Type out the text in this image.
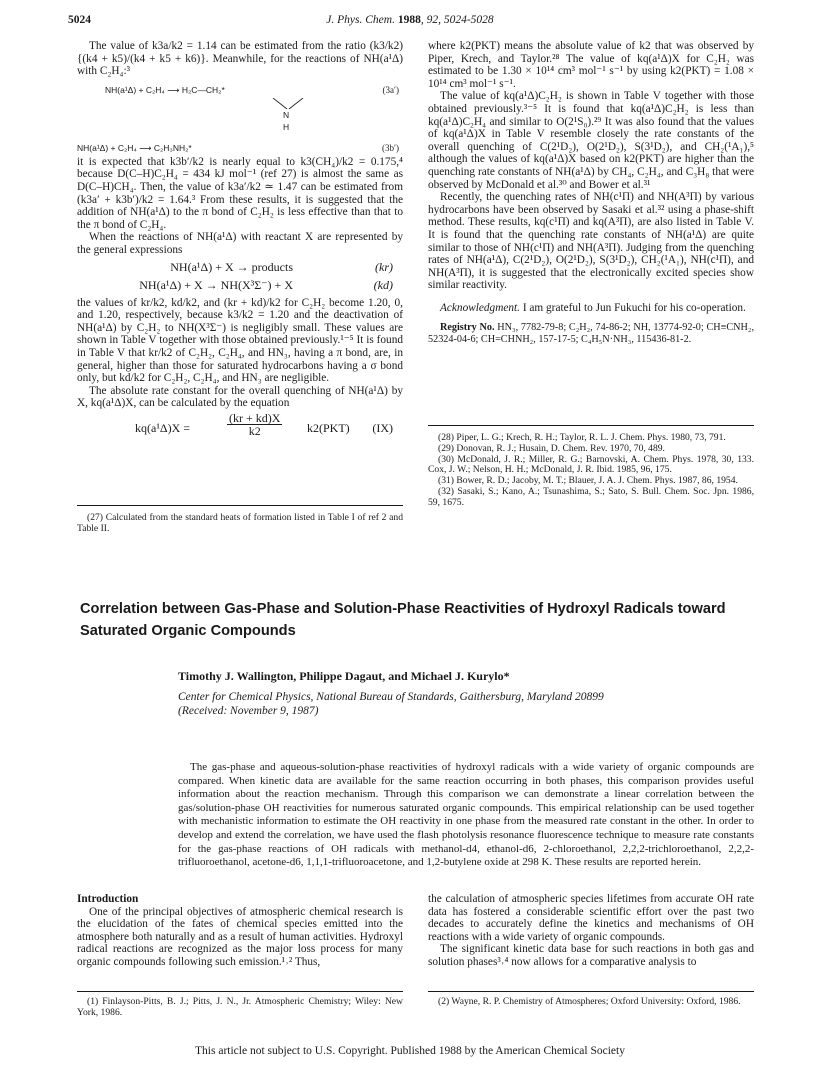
5024	J. Phys. Chem. 1988, 92, 5024-5028

The value of k3a/k2 = 1.14 can be estimated from the ratio (k3/k2){(k4 + k5)/(k4 + k5 + k6)}. Meanwhile, for the reactions of NH(a¹Δ) with C₂H₄:³

NH(a¹Δ) + C₂H₄ ⟶ H₂C—CH₂*	(3a′)
N
H
NH(a¹Δ) + C₂H₄ ⟶ C₂H₃NH₂*	(3b′)

it is expected that k3b′/k2 is nearly equal to k3(CH₄)/k2 = 0.175,⁴ because D(C–H)C₂H₄ = 434 kJ mol⁻¹ (ref 27) is almost the same as D(C–H)CH₄. Then, the value of k3a′/k2 ≃ 1.47 can be estimated from (k3a′ + k3b′)/k2 = 1.64.³ From these results, it is suggested that the addition of NH(a¹Δ) to the π bond of C₂H₂ is less effective than that to the π bond of C₂H₄.

When the reactions of NH(a¹Δ) with reactant X are represented by the general expressions

NH(a¹Δ) + X → products	(kr)
NH(a¹Δ) + X → NH(X³Σ⁻) + X	(kd)

the values of kr/k2, kd/k2, and (kr + kd)/k2 for C₂H₂ become 1.20, 0, and 1.20, respectively, because k3/k2 = 1.20 and the deactivation of NH(a¹Δ) by C₂H₂ to NH(X³Σ⁻) is negligibly small. These values are shown in Table V together with those obtained previously.¹⁻⁵ It is found in Table V that kr/k2 of C₂H₂, C₂H₄, and HN₃, having a π bond, are, in general, higher than those for saturated hydrocarbons having a σ bond only, but kd/k2 for C₂H₂, C₂H₄, and HN₃ are negligible.

The absolute rate constant for the overall quenching of NH(a¹Δ) by X, kq(a¹Δ)X, can be calculated by the equation

kq(a¹Δ)X =	$\frac{(kr + kd)X}{k2} k2(PKT)$ (IX)

(27) Calculated from the standard heats of formation listed in Table I of ref 2 and Table II.

where k2(PKT) means the absolute value of k2 that was observed by Piper, Krech, and Taylor.²⁸ The value of kq(a¹Δ)X for C₂H₂ was estimated to be 1.30 × 10¹⁴ cm³ mol⁻¹ s⁻¹ by using k2(PKT) = 1.08 × 10¹⁴ cm³ mol⁻¹ s⁻¹.

The value of kq(a¹Δ)C₂H₂ is shown in Table V together with those obtained previously.³⁻⁵ It is found that kq(a¹Δ)C₂H₂ is less than kq(a¹Δ)C₂H₄ and similar to O(2¹S₀).²⁹ It was also found that the values of kq(a¹Δ)X in Table V resemble closely the rate constants of the overall quenching of C(2¹D₂), O(2¹D₂), S(3¹D₂), and CH₂(¹A₁),⁵ although the values of kq(a¹Δ)X based on k2(PKT) are higher than the quenching rate constants of NH(a¹Δ) by CH₄, C₂H₄, and C₃H₈ that were observed by McDonald et al.³⁰ and Bower et al.³¹

Recently, the quenching rates of NH(c¹Π) and NH(A³Π) by various hydrocarbons have been observed by Sasaki et al.³² using a phase-shift method. These results, kq(c¹Π) and kq(A³Π), are also listed in Table V. It is found that the quenching rate constants of NH(a¹Δ) are quite similar to those of NH(c¹Π) and NH(A³Π). Judging from the quenching rates of NH(a¹Δ), C(2¹D₂), O(2¹D₂), S(3¹D₂), CH₂(¹A₁), NH(c¹Π), and NH(A³Π), it is suggested that the electronically excited species show similar reactivity.

Acknowledgment. I am grateful to Jun Fukuchi for his co-operation.

Registry No. HN₃, 7782-79-8; C₂H₂, 74-86-2; NH, 13774-92-0; CH≡CNH₂, 52324-04-6; CH=CHNH₂, 157-17-5; C₄H₅N·NH₃, 115436-81-2.

(28) Piper, L. G.; Krech, R. H.; Taylor, R. L. J. Chem. Phys. 1980, 73, 791.

(29) Donovan, R. J.; Husain, D. Chem. Rev. 1970, 70, 489.

(30) McDonald, J. R.; Miller, R. G.; Barnovski, A. Chem. Phys. 1978, 30, 133. Cox, J. W.; Nelson, H. H.; McDonald, J. R. Ibid. 1985, 96, 175.

(31) Bower, R. D.; Jacoby, M. T.; Blauer, J. A. J. Chem. Phys. 1987, 86, 1954.

(32) Sasaki, S.; Kano, A.; Tsunashima, S.; Sato, S. Bull. Chem. Soc. Jpn. 1986, 59, 1675.

Correlation between Gas-Phase and Solution-Phase Reactivities of Hydroxyl Radicals toward Saturated Organic Compounds
Timothy J. Wallington, Philippe Dagaut, and Michael J. Kurylo*
Center for Chemical Physics, National Bureau of Standards, Gaithersburg, Maryland 20899
(Received: November 9, 1987)

The gas-phase and aqueous-solution-phase reactivities of hydroxyl radicals with a wide variety of organic compounds are compared. When kinetic data are available for the same reaction occurring in both phases, this comparison provides useful information about the reaction mechanism. Through this comparison we can demonstrate a linear correlation between the gas/solution-phase OH reactivities for numerous saturated organic compounds. This empirical relationship can be used together with mechanistic information to estimate the OH reactivity in one phase from the measured rate constant in the other. In order to develop and extend the correlation, we have used the flash photolysis resonance fluorescence technique to measure rate constants for the gas-phase reactions of OH radicals with methanol-d4, ethanol-d6, 2-chloroethanol, 2,2,2-trichloroethanol, 2,2,2-trifluoroethanol, acetone-d6, 1,1,1-trifluoroacetone, and 1,2-butylene oxide at 298 K. These results are reported herein.

Introduction

One of the principal objectives of atmospheric chemical research is the elucidation of the fates of chemical species emitted into the atmosphere both naturally and as a result of human activities. Hydroxyl radical reactions are recognized as the major loss process for many organic compounds following such emission.¹˒² Thus,

the calculation of atmospheric species lifetimes from accurate OH rate data has fostered a considerable scientific effort over the past two decades to accurately define the kinetics and mechanisms of OH reactions with a wide variety of organic compounds.

The significant kinetic data base for such reactions in both gas and solution phases³˒⁴ now allows for a comparative analysis to

(1) Finlayson-Pitts, B. J.; Pitts, J. N., Jr. Atmospheric Chemistry; Wiley: New York, 1986.

(2) Wayne, R. P. Chemistry of Atmospheres; Oxford University: Oxford, 1986.

This article not subject to U.S. Copyright. Published 1988 by the American Chemical Society
